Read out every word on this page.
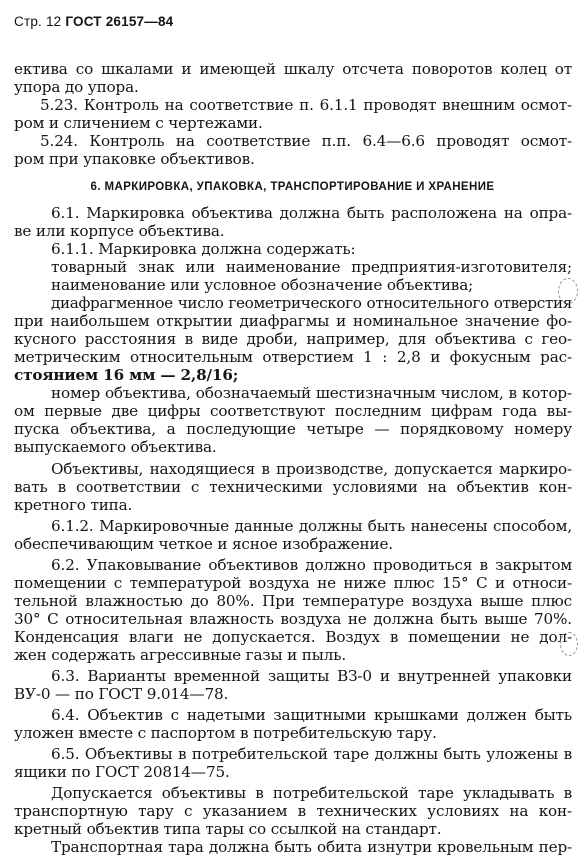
Стр. 12 ГОСТ 26157—84
ектива со шкалами и имеющей шкалу отсчета поворотов колец от
упора до упора.
5.23. Контроль на соответствие п. 6.1.1 проводят внешним осмот-
ром и сличением с чертежами.
5.24. Контроль на соответствие п.п. 6.4—6.6 проводят осмот-
ром при упаковке объективов.
6. МАРКИРОВКА, УПАКОВКА, ТРАНСПОРТИРОВАНИЕ И ХРАНЕНИЕ
6.1. Маркировка объектива должна быть расположена на опра-
ве или корпусе объектива.
6.1.1. Маркировка должна содержать:
товарный знак или наименование предприятия-изготовителя;
наименование или условное обозначение объектива;
диафрагменное число геометрического относительного отверстия
при наибольшем открытии диафрагмы и номинальное значение фо-
кусного расстояния в виде дроби, например, для объектива с гео-
метрическим относительным отверстием 1 : 2,8 и фокусным рас-
стоянием 16 мм — 2,8/16;
номер объектива, обозначаемый шестизначным числом, в котор-
ом первые две цифры соответствуют последним цифрам года вы-
пуска объектива, а последующие четыре — порядковому номеру
выпускаемого объектива.
Объективы, находящиеся в производстве, допускается маркиро-
вать в соответствии с техническими условиями на объектив кон-
кретного типа.
6.1.2. Маркировочные данные должны быть нанесены способом,
обеспечивающим четкое и ясное изображение.
6.2. Упаковывание объективов должно проводиться в закрытом
помещении с температурой воздуха не ниже плюс 15° С и относи-
тельной влажностью до 80%. При температуре воздуха выше плюс
30° С относительная влажность воздуха не должна быть выше 70%.
Конденсация влаги не допускается. Воздух в помещении не дол-
жен содержать агрессивные газы и пыль.
6.3. Варианты временной защиты ВЗ-0 и внутренней упаковки
ВУ-0 — по ГОСТ 9.014—78.
6.4. Объектив с надетыми защитными крышками должен быть
уложен вместе с паспортом в потребительскую тару.
6.5. Объективы в потребительской таре должны быть уложены в
ящики по ГОСТ 20814—75.
Допускается объективы в потребительской таре укладывать в
транспортную тару с указанием в технических условиях на кон-
кретный объектив типа тары со ссылкой на стандарт.
Транспортная тара должна быть обита изнутри кровельным пер-
